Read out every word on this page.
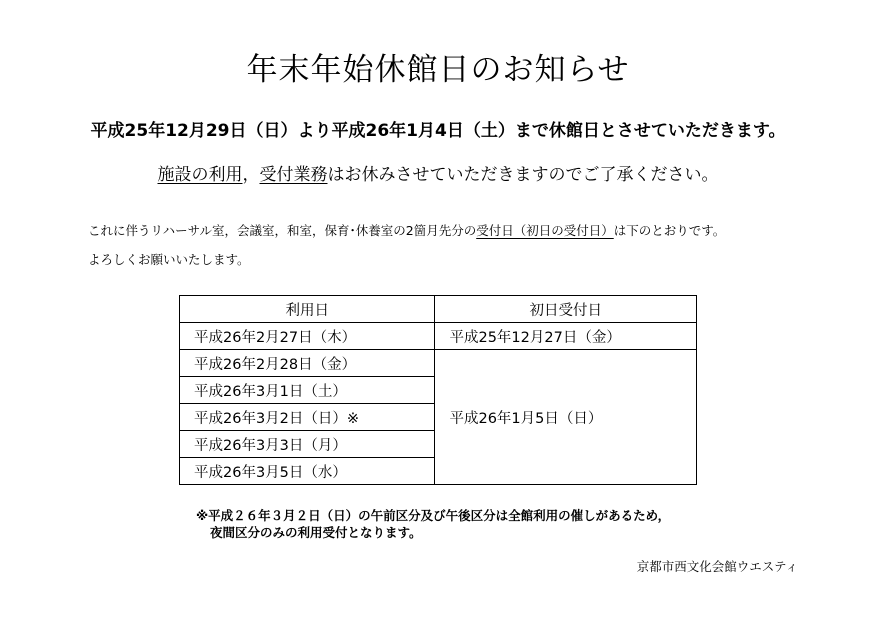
年末年始休館日のお知らせ
平成25年12月29日（日）より平成26年1月4日（土）まで休館日とさせていただきます。
施設の利用，受付業務はお休みさせていただきますのでご了承ください。
これに伴うリハーサル室，会議室，和室，保育･休養室の2箇月先分の受付日（初日の受付日）は下のとおりです。
よろしくお願いいたします。
利用日	初日受付日
平成26年2月27日（木）	平成25年12月27日（金）
平成26年2月28日（金）	平成26年1月5日（日）
平成26年3月1日（土）	
平成26年3月2日（日）※	
平成26年3月3日（月）	
平成26年3月5日（水）	
※平成２６年３月２日（日）の午前区分及び午後区分は全館利用の催しがあるため，
夜間区分のみの利用受付となります。
京都市西文化会館ウエスティ
